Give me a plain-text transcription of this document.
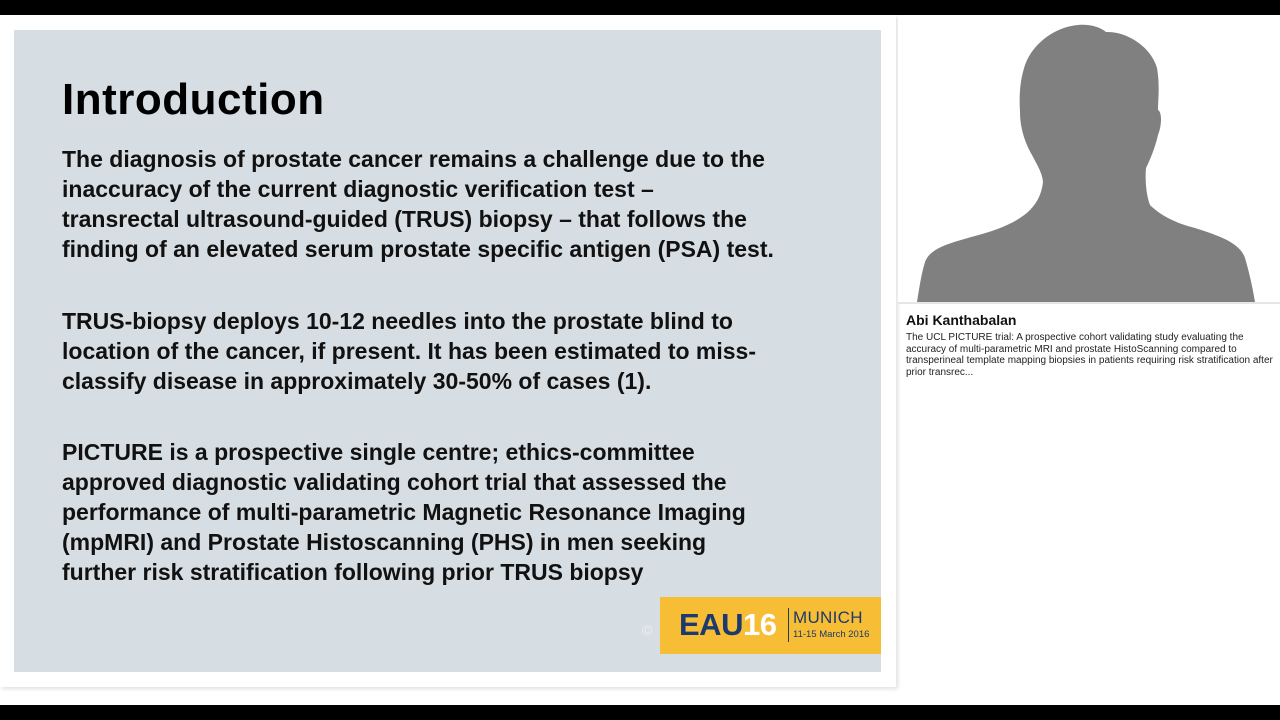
Introduction
The diagnosis of prostate cancer remains a challenge due to the
inaccuracy of the current diagnostic verification test –
transrectal ultrasound-guided (TRUS) biopsy – that follows the
finding of an elevated serum prostate specific antigen (PSA) test.
TRUS-biopsy deploys 10-12 needles into the prostate blind to
location of the cancer, if present. It has been estimated to miss-
classify disease in approximately 30-50% of cases (1).
PICTURE is a prospective single centre; ethics-committee
approved diagnostic validating cohort trial that assessed the
performance of multi-parametric Magnetic Resonance Imaging
(mpMRI) and Prostate Histoscanning (PHS) in men seeking
further risk stratification following prior TRUS biopsy
© EAU16 MUNICH
11-15 March 2016
Abi Kanthabalan
The UCL PICTURE trial: A prospective cohort validating study evaluating the accuracy of multi-parametric MRI and prostate HistoScanning compared to transperineal template mapping biopsies in patients requiring risk stratification after prior transrec...
